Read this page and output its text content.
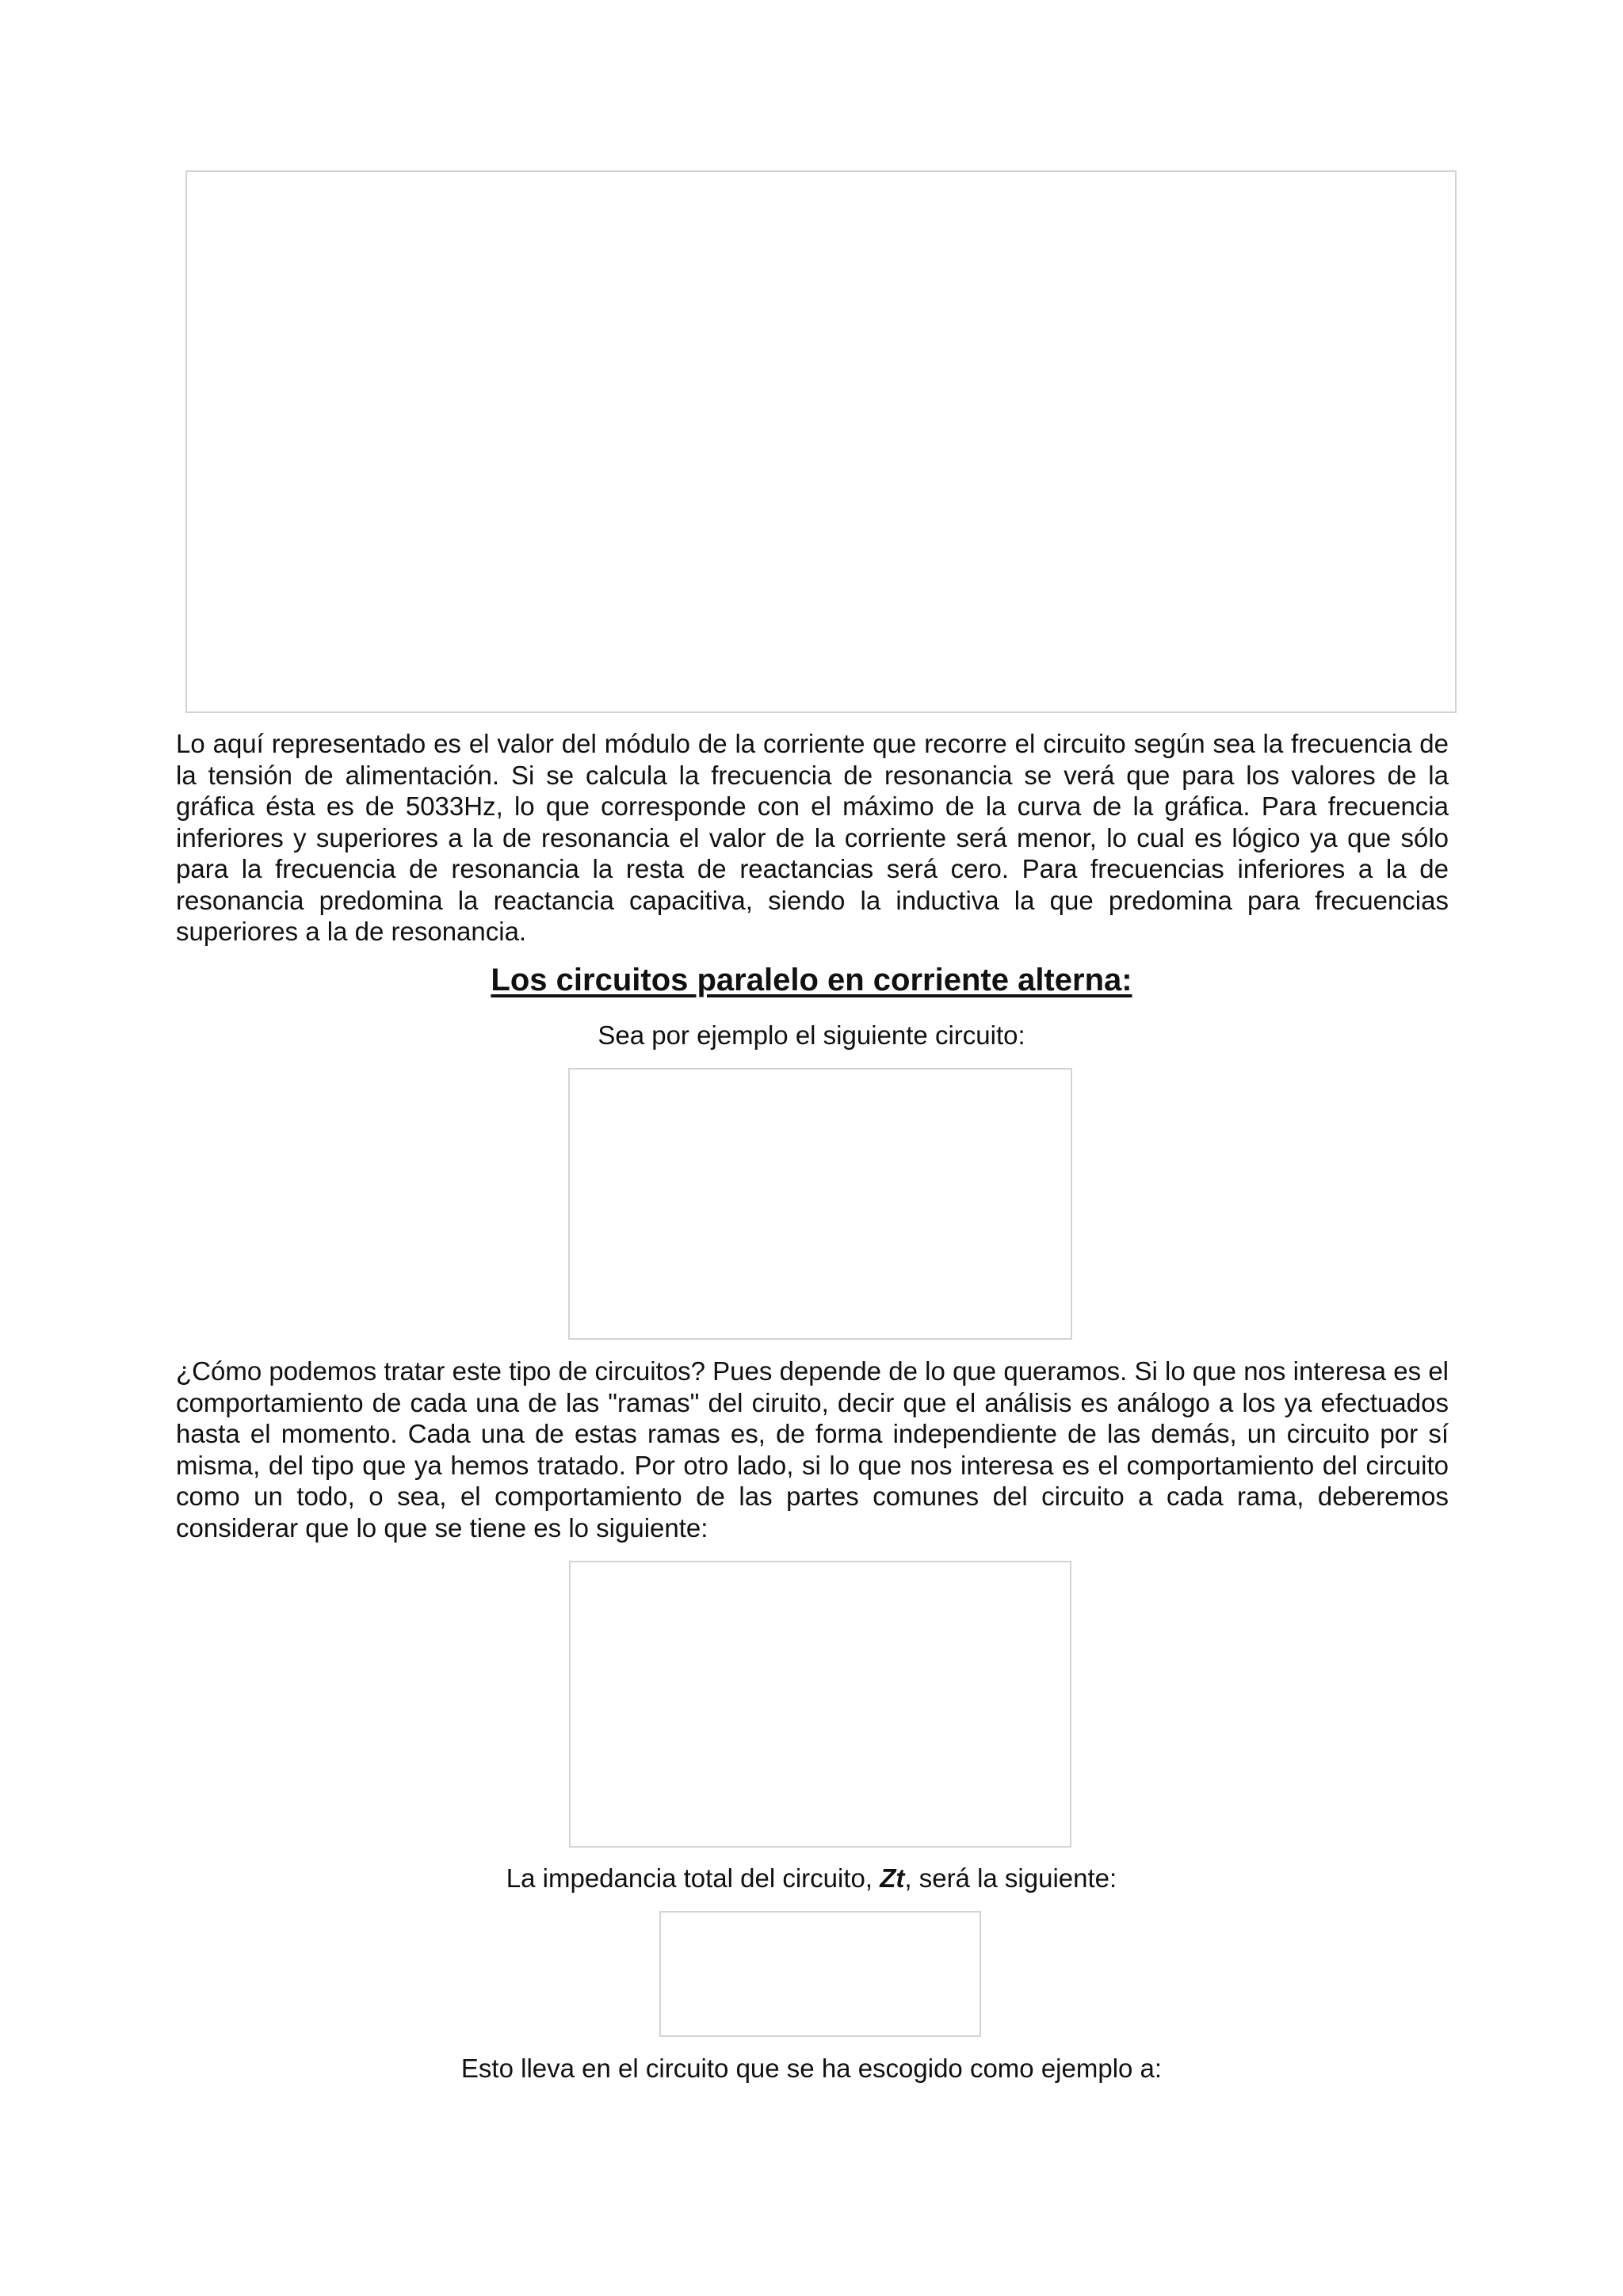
Lo aquí representado es el valor del módulo de la corriente que recorre el circuito según sea la frecuencia de la tensión de alimentación. Si se calcula la frecuencia de resonancia se verá que para los valores de la gráfica ésta es de 5033Hz, lo que corresponde con el máximo de la curva de la gráfica. Para frecuencia inferiores y superiores a la de resonancia el valor de la corriente será menor, lo cual es lógico ya que sólo para la frecuencia de resonancia la resta de reactancias será cero. Para frecuencias inferiores a la de resonancia predomina la reactancia capacitiva, siendo la inductiva la que predomina para frecuencias superiores a la de resonancia.

Los circuitos paralelo en corriente alterna:

Sea por ejemplo el siguiente circuito:

¿Cómo podemos tratar este tipo de circuitos? Pues depende de lo que queramos. Si lo que nos interesa es el comportamiento de cada una de las "ramas" del ciruito, decir que el análisis es análogo a los ya efectuados hasta el momento. Cada una de estas ramas es, de forma independiente de las demás, un circuito por sí misma, del tipo que ya hemos tratado. Por otro lado, si lo que nos interesa es el comportamiento del circuito como un todo, o sea, el comportamiento de las partes comunes del circuito a cada rama, deberemos considerar que lo que se tiene es lo siguiente:

La impedancia total del circuito, Zt, será la siguiente:

Esto lleva en el circuito que se ha escogido como ejemplo a:
